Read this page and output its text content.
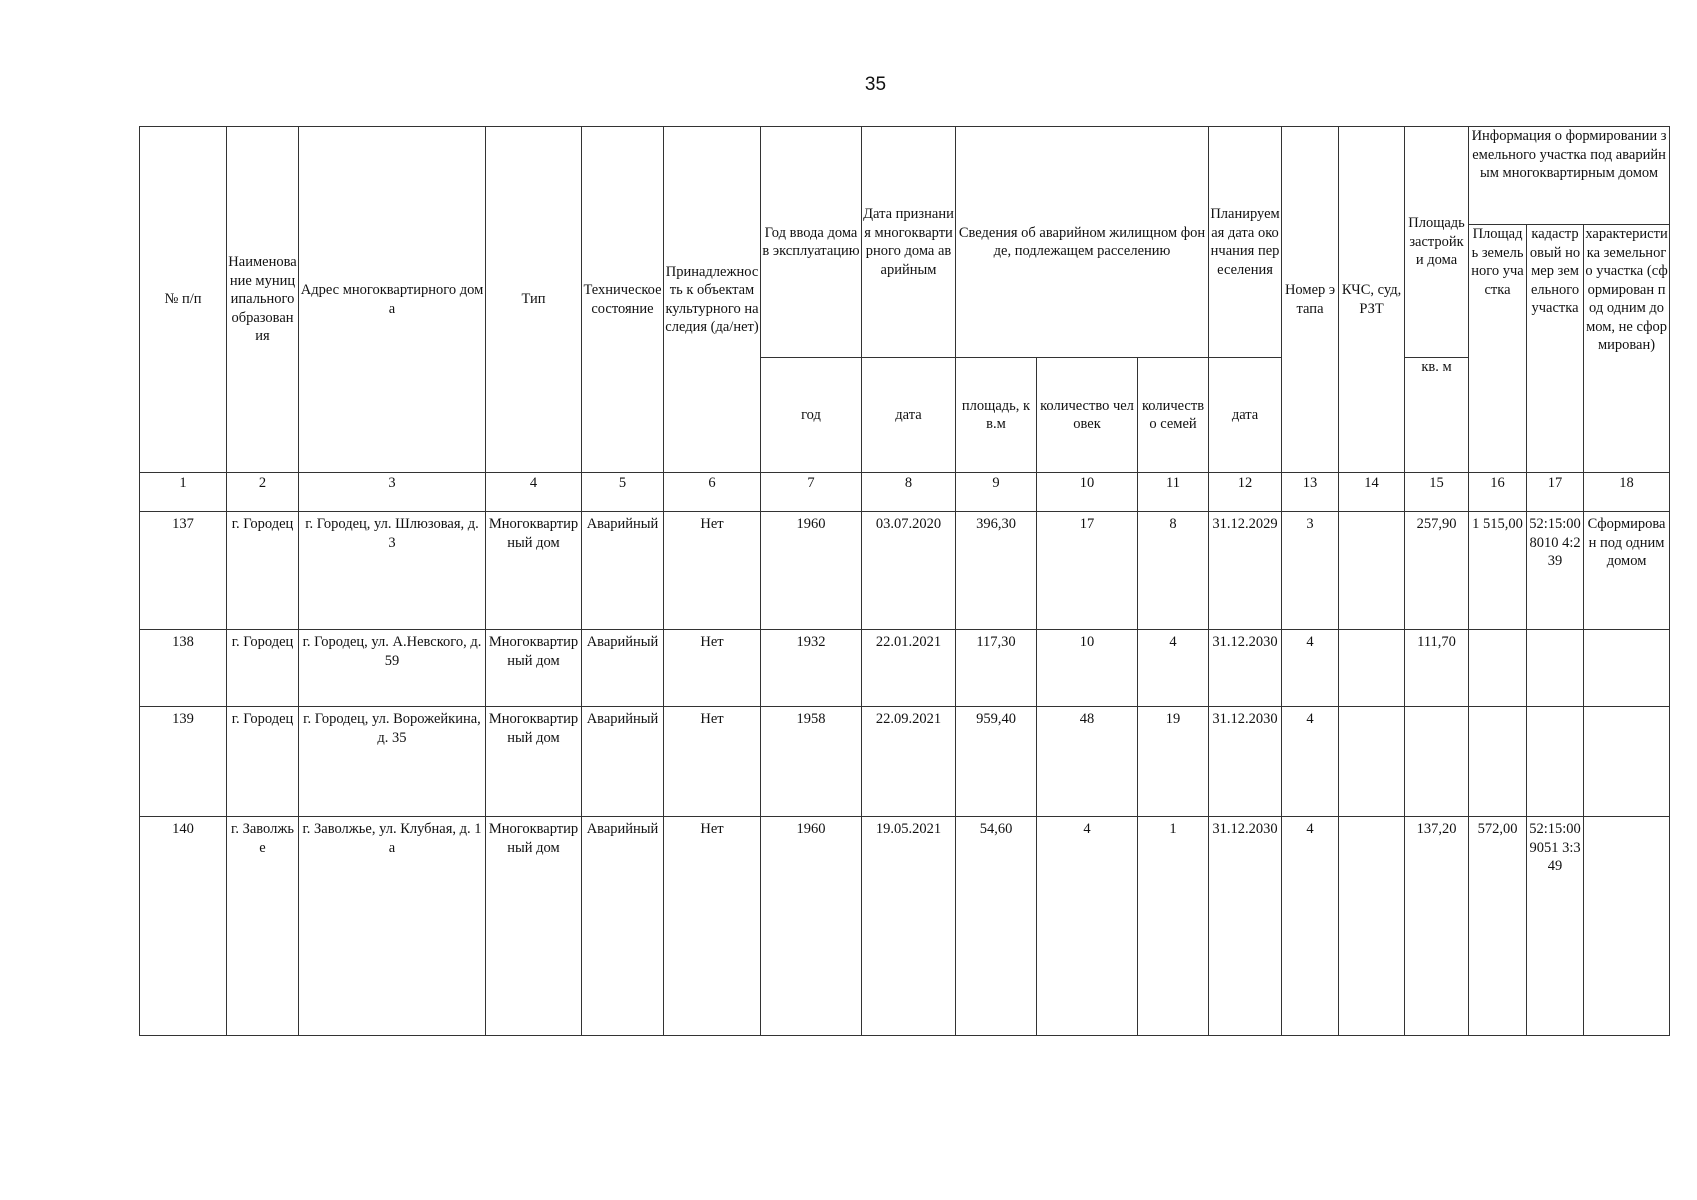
35
№ п/п	Наименование муниципального образования	Адрес многоквартирного дома	Тип	Техническое состояние	Принадлежность к объектам культурного наследия (да/нет)	Год ввода дома в эксплуатацию	Дата признания многоквартирного дома аварийным	Сведения об аварийном жилищном фонде, подлежащем расселению			Планируемая дата окончания переселения	Номер этапа	КЧС, суд, РЗТ	Площадь застройки дома	Информация о формировании земельного участка под аварийным многоквартирным домом		
															Площадь земельного участка	кадастровый номер земельного участка	характеристика земельного участка (сформирован под одним домом, не сформирован)
						год	дата	площадь, кв.м	количество человек	количество семей	дата			кв. м			
1	2	3	4	5	6	7	8	9	10	11	12	13	14	15	16	17	18
137	г. Городец	г. Городец, ул. Шлюзовая, д. 3	Многоквартирный дом	Аварийный	Нет	1960	03.07.2020	396,30	17	8	31.12.2029	3		257,90	1 515,00	52:15:008010 4:239	Сформирован под одним домом
138	г. Городец	г. Городец, ул. А.Невского, д. 59	Многоквартирный дом	Аварийный	Нет	1932	22.01.2021	117,30	10	4	31.12.2030	4		111,70			
139	г. Городец	г. Городец, ул. Ворожейкина, д. 35	Многоквартирный дом	Аварийный	Нет	1958	22.09.2021	959,40	48	19	31.12.2030	4					
140	г. Заволжье	г. Заволжье, ул. Клубная, д. 1а	Многоквартирный дом	Аварийный	Нет	1960	19.05.2021	54,60	4	1	31.12.2030	4		137,20	572,00	52:15:009051 3:349	
